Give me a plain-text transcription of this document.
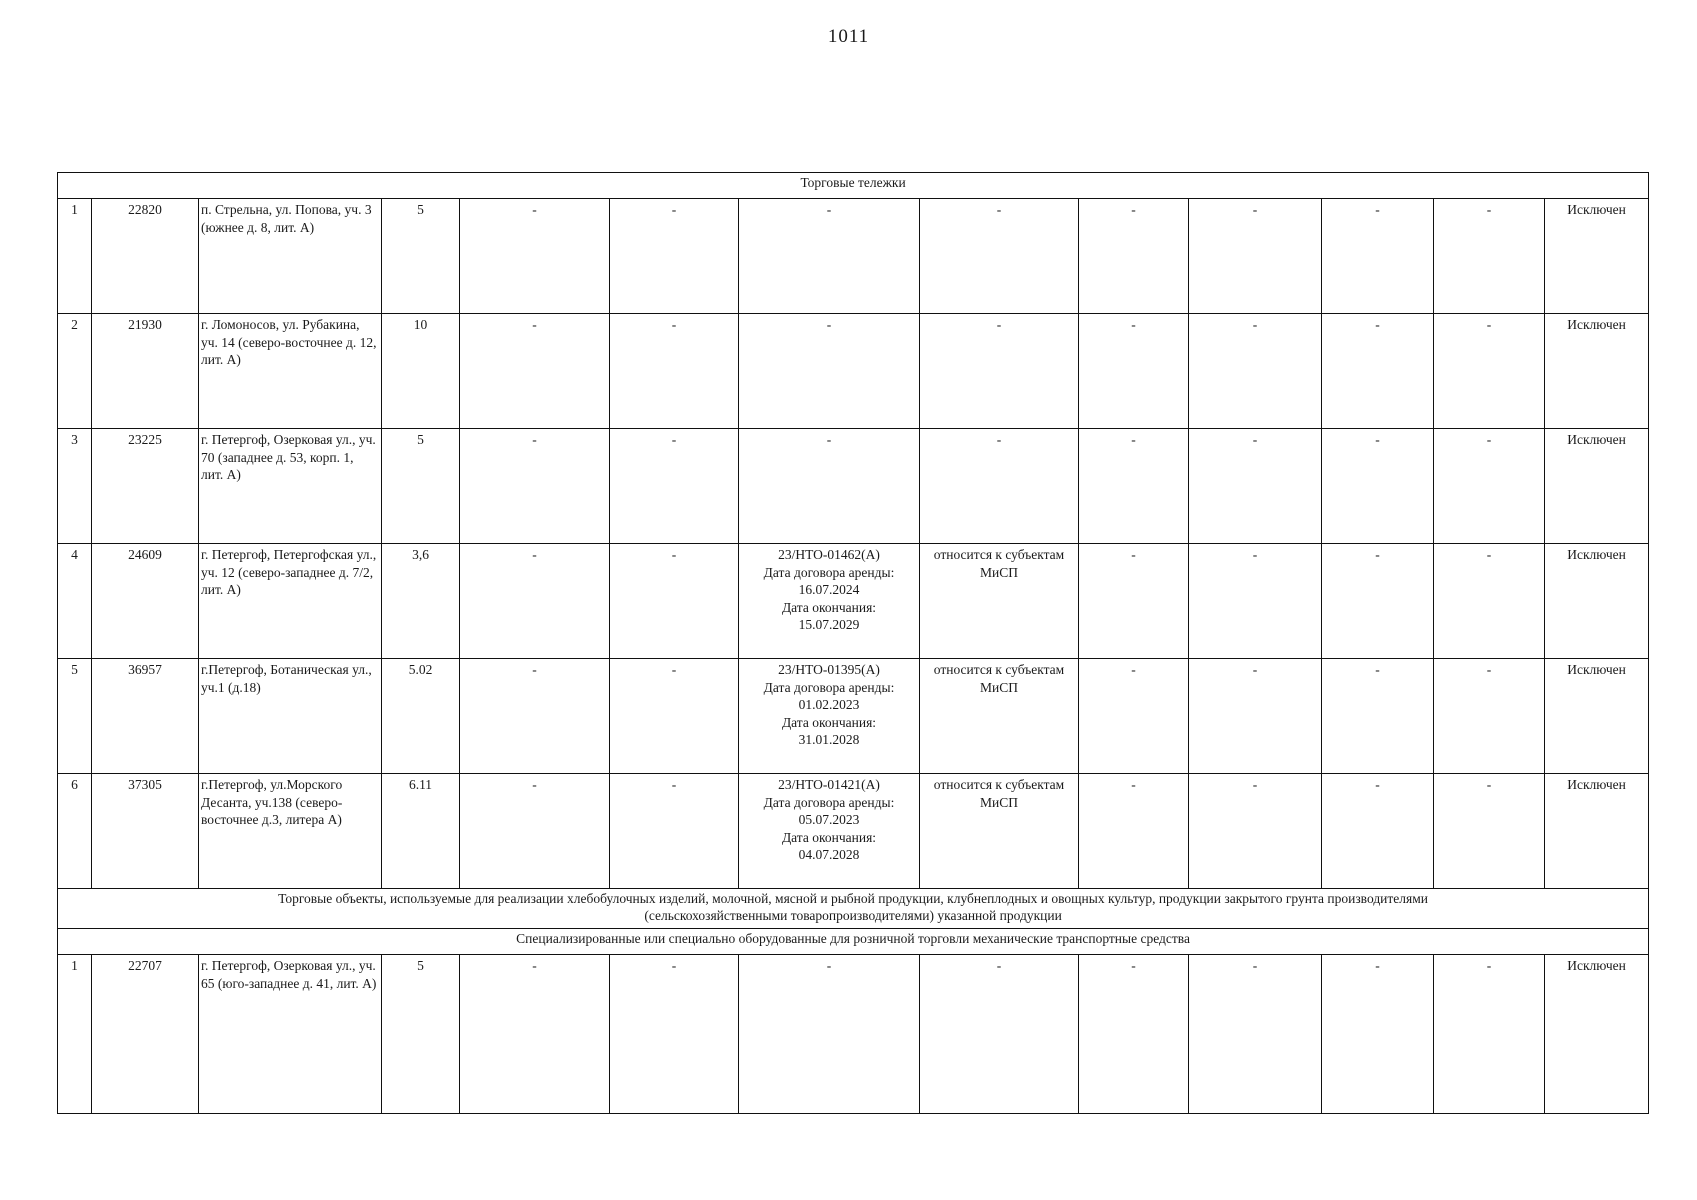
1011
Торговые тележки												
1	22820	п. Стрельна, ул. Попова, уч. 3 (южнее д. 8, лит. А)	5	-	-	-	-	-	-	-	-	Исключен
2	21930	г. Ломоносов, ул. Рубакина, уч. 14 (северо-восточнее д. 12, лит. А)	10	-	-	-	-	-	-	-	-	Исключен
3	23225	г. Петергоф, Озерковая ул., уч. 70 (западнее д. 53, корп. 1, лит. А)	5	-	-	-	-	-	-	-	-	Исключен
4	24609	г. Петергоф, Петергофская ул., уч. 12 (северо-западнее д. 7/2, лит. А)	3,6	-	-	23/НТО-01462(А)
Дата договора аренды:
16.07.2024
Дата окончания:
15.07.2029	относится к субъектам МиСП	-	-	-	-	Исключен
5	36957	г.Петергоф, Ботаническая ул., уч.1 (д.18)	5.02	-	-	23/НТО-01395(А)
Дата договора аренды:
01.02.2023
Дата окончания:
31.01.2028	относится к субъектам МиСП	-	-	-	-	Исключен
6	37305	г.Петергоф, ул.Морского Десанта, уч.138 (северо-восточнее д.3, литера А)	6.11	-	-	23/НТО-01421(А)
Дата договора аренды:
05.07.2023
Дата окончания:
04.07.2028	относится к субъектам МиСП	-	-	-	-	Исключен
Торговые объекты, используемые для реализации хлебобулочных изделий, молочной, мясной и рыбной продукции, клубнеплодных и овощных культур, продукции закрытого грунта производителями (сельскохозяйственными товаропроизводителями) указанной продукции												
Специализированные или специально оборудованные для розничной торговли механические транспортные средства												
1	22707	г. Петергоф, Озерковая ул., уч. 65 (юго-западнее д. 41, лит. А)	5	-	-	-	-	-	-	-	-	Исключен
